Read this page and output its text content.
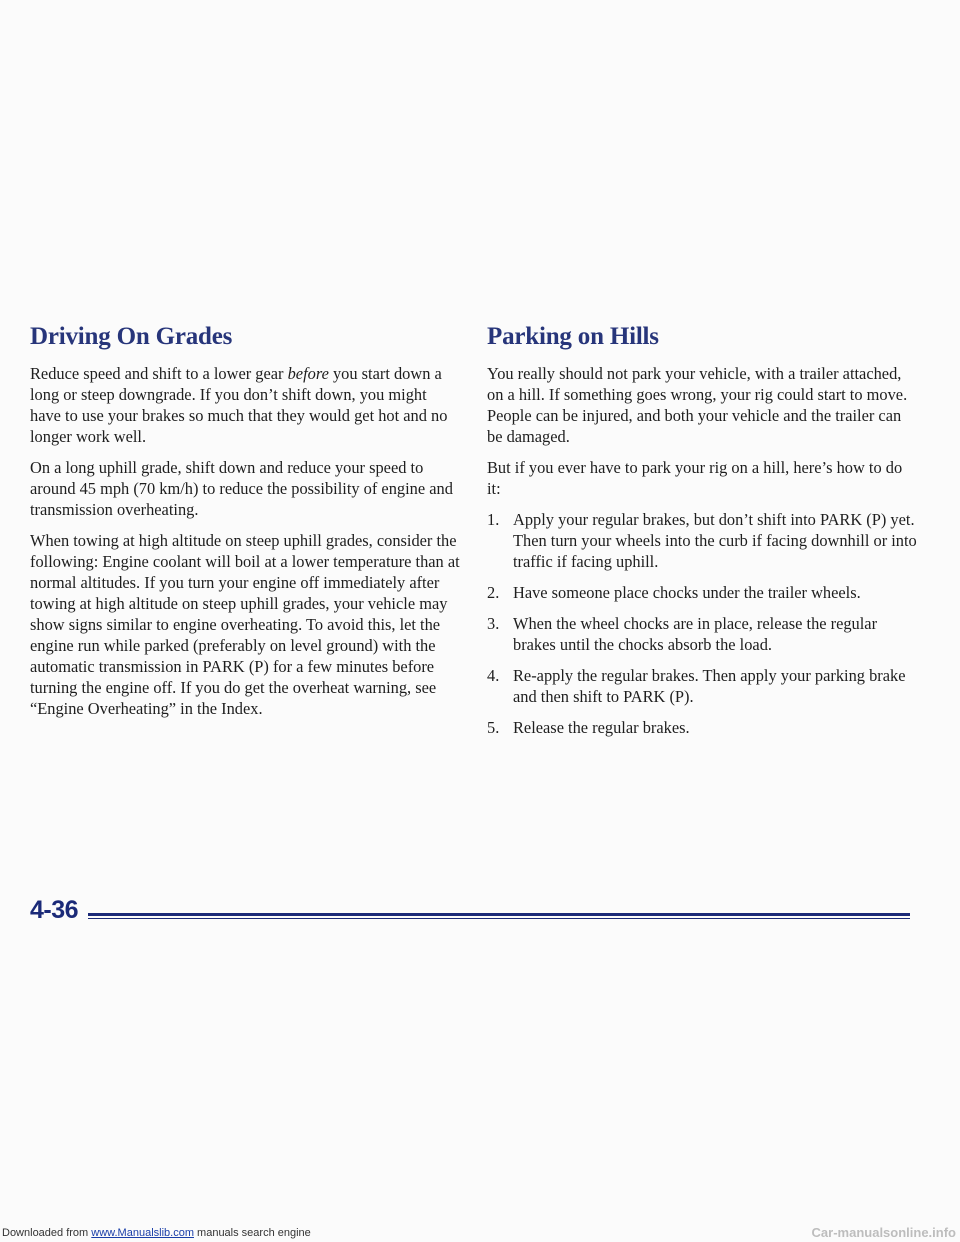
Driving On Grades

Reduce speed and shift to a lower gear before you start down a long or steep downgrade. If you don’t shift down, you might have to use your brakes so much that they would get hot and no longer work well.

On a long uphill grade, shift down and reduce your speed to around 45 mph (70 km/h) to reduce the possibility of engine and transmission overheating.

When towing at high altitude on steep uphill grades, consider the following: Engine coolant will boil at a lower temperature than at normal altitudes. If you turn your engine off immediately after towing at high altitude on steep uphill grades, your vehicle may show signs similar to engine overheating. To avoid this, let the engine run while parked (preferably on level ground) with the automatic transmission in PARK (P) for a few minutes before turning the engine off. If you do get the overheat warning, see “Engine Overheating” in the Index.

Parking on Hills

You really should not park your vehicle, with a trailer attached, on a hill. If something goes wrong, your rig could start to move. People can be injured, and both your vehicle and the trailer can be damaged.

But if you ever have to park your rig on a hill, here’s how to do it:

1. Apply your regular brakes, but don’t shift into PARK (P) yet. Then turn your wheels into the curb if facing downhill or into traffic if facing uphill.
2. Have someone place chocks under the trailer wheels.
3. When the wheel chocks are in place, release the regular brakes until the chocks absorb the load.
4. Re-apply the regular brakes. Then apply your parking brake and then shift to PARK (P).
5. Release the regular brakes.
4-36
Downloaded from www.Manualslib.com manuals search engine	Car-manualsonline.info
